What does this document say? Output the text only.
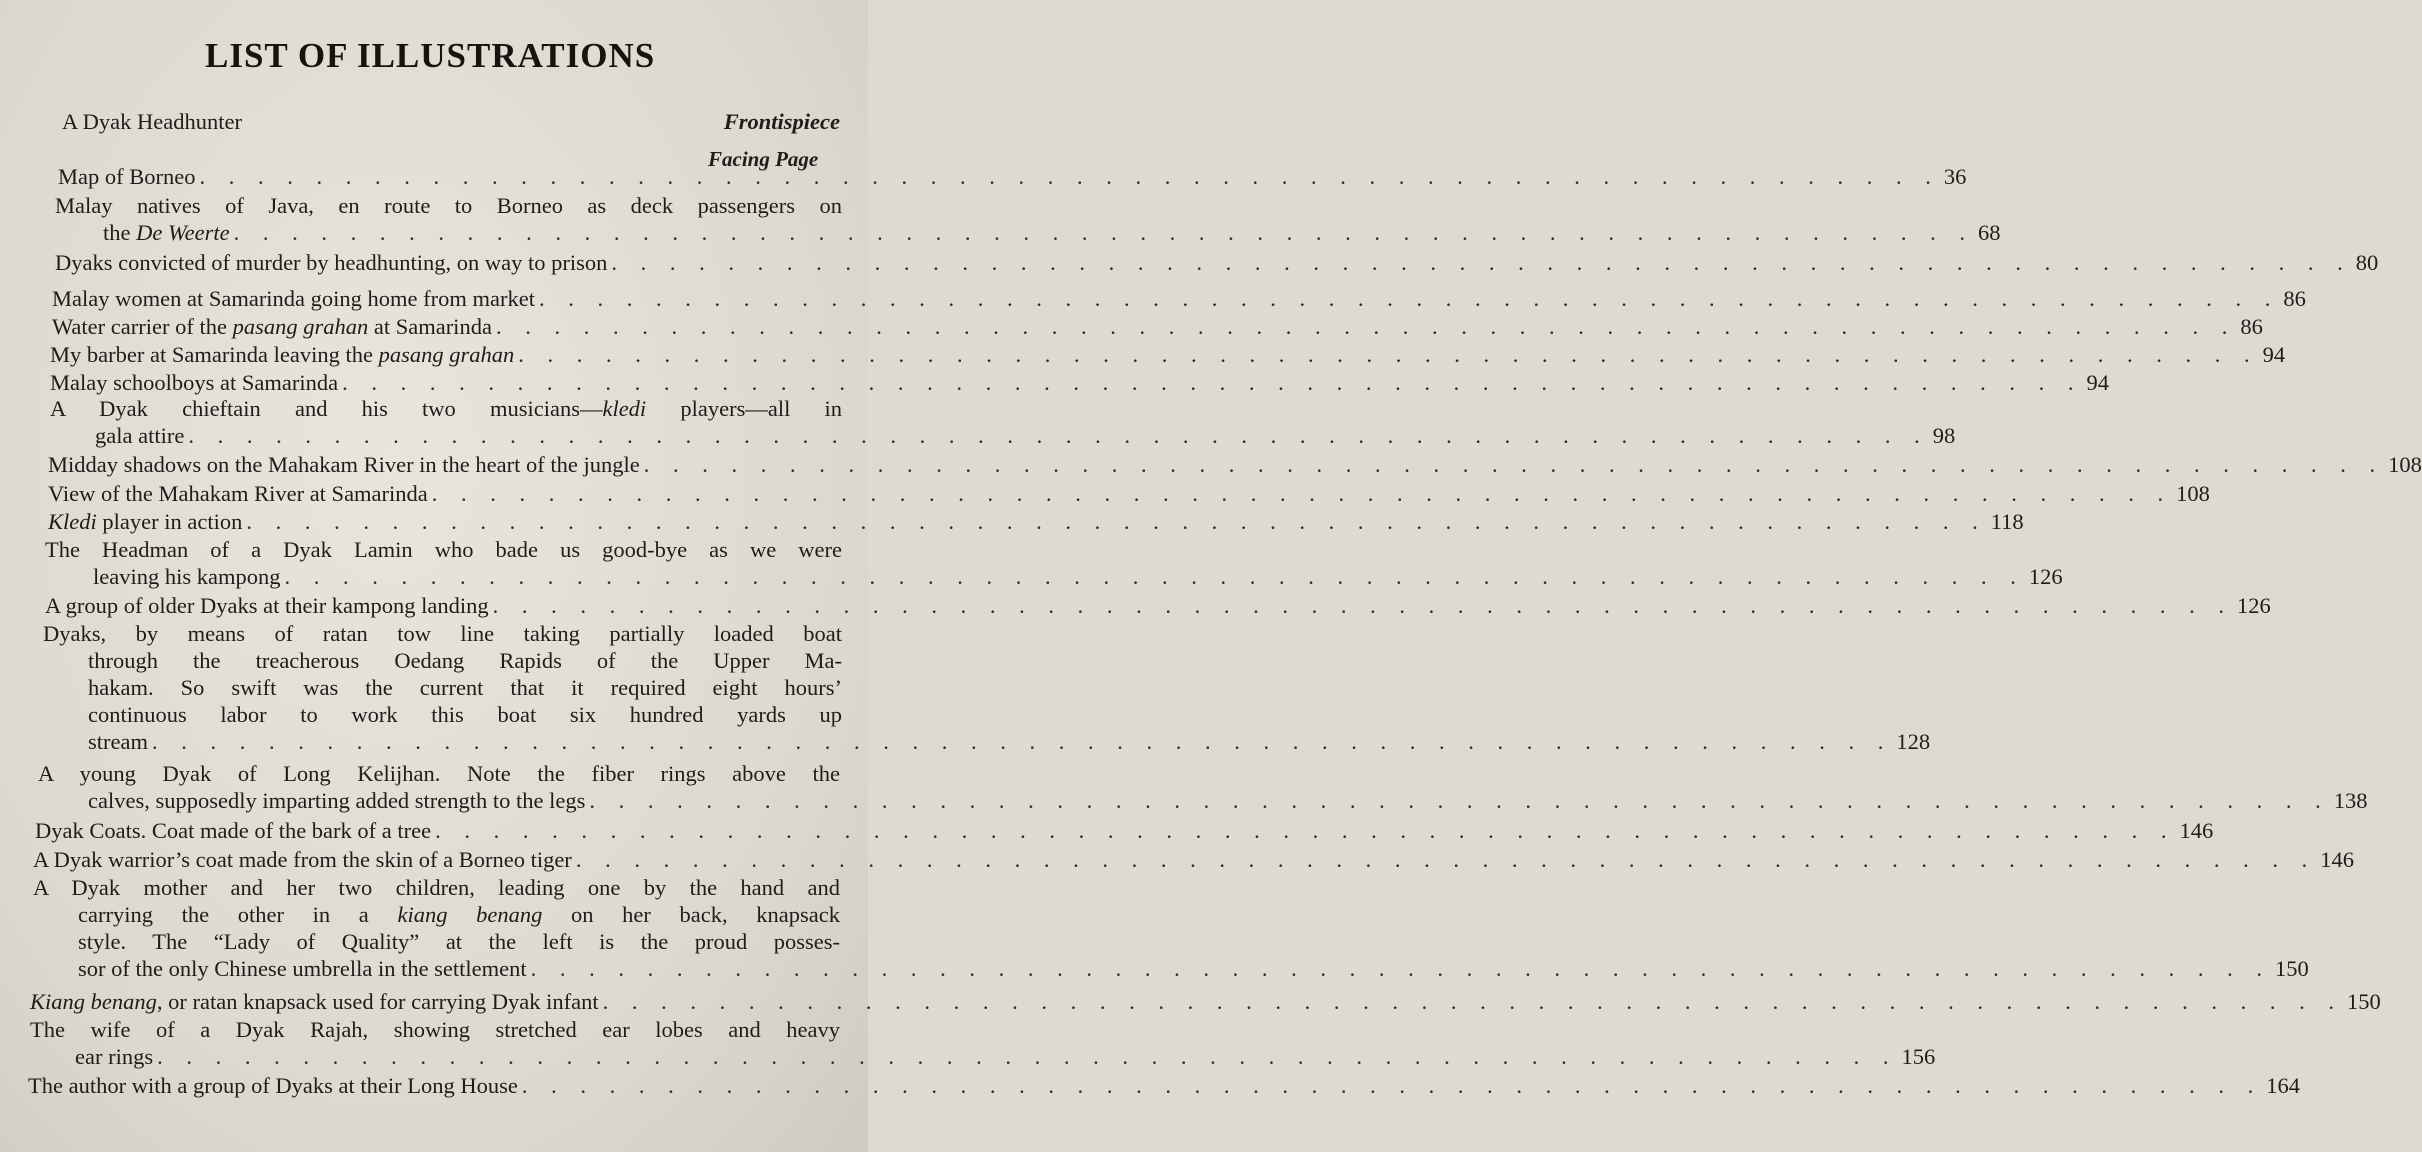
LIST OF ILLUSTRATIONS
A Dyak Headhunter	Frontispiece
Facing Page
Map of Borneo . . . . . . . . . . . . . . . . . . . . . . . . . . . . . . . . . . . . . . . . . . . . . . . . . . . . . . . . . . . . 36
Malay natives of Java, en route to Borneo as deck passengers on
the De Weerte . . . . . . . . . . . . . . . . . . . . . . . . . . . . . . . . . . . . . . . . . . . . . . . . . . . . . . . . . . . . 68
Dyaks convicted of murder by headhunting, on way to prison . . . . . . . . . . . . . . . . . . . . . . . . . . . . . . . . . . . . . . . . . . . . . . . . . . . . . . . . . . . . 80
Malay women at Samarinda going home from market . . . . . . . . . . . . . . . . . . . . . . . . . . . . . . . . . . . . . . . . . . . . . . . . . . . . . . . . . . . . 86
Water carrier of the pasang grahan at Samarinda . . . . . . . . . . . . . . . . . . . . . . . . . . . . . . . . . . . . . . . . . . . . . . . . . . . . . . . . . . . . 86
My barber at Samarinda leaving the pasang grahan . . . . . . . . . . . . . . . . . . . . . . . . . . . . . . . . . . . . . . . . . . . . . . . . . . . . . . . . . . . . 94
Malay schoolboys at Samarinda . . . . . . . . . . . . . . . . . . . . . . . . . . . . . . . . . . . . . . . . . . . . . . . . . . . . . . . . . . . . 94
A Dyak chieftain and his two musicians—kledi players—all in
gala attire . . . . . . . . . . . . . . . . . . . . . . . . . . . . . . . . . . . . . . . . . . . . . . . . . . . . . . . . . . . . 98
Midday shadows on the Mahakam River in the heart of the jungle . . . . . . . . . . . . . . . . . . . . . . . . . . . . . . . . . . . . . . . . . . . . . . . . . . . . . . . . . . . . 108
View of the Mahakam River at Samarinda . . . . . . . . . . . . . . . . . . . . . . . . . . . . . . . . . . . . . . . . . . . . . . . . . . . . . . . . . . . . 108
Kledi player in action . . . . . . . . . . . . . . . . . . . . . . . . . . . . . . . . . . . . . . . . . . . . . . . . . . . . . . . . . . . . 118
The Headman of a Dyak Lamin who bade us good-bye as we were
leaving his kampong . . . . . . . . . . . . . . . . . . . . . . . . . . . . . . . . . . . . . . . . . . . . . . . . . . . . . . . . . . . . 126
A group of older Dyaks at their kampong landing . . . . . . . . . . . . . . . . . . . . . . . . . . . . . . . . . . . . . . . . . . . . . . . . . . . . . . . . . . . . 126
Dyaks, by means of ratan tow line taking partially loaded boat
through the treacherous Oedang Rapids of the Upper Ma-
hakam. So swift was the current that it required eight hours’
continuous labor to work this boat six hundred yards up
stream . . . . . . . . . . . . . . . . . . . . . . . . . . . . . . . . . . . . . . . . . . . . . . . . . . . . . . . . . . . . 128
A young Dyak of Long Kelijhan. Note the fiber rings above the
calves, supposedly imparting added strength to the legs . . . . . . . . . . . . . . . . . . . . . . . . . . . . . . . . . . . . . . . . . . . . . . . . . . . . . . . . . . . . 138
Dyak Coats. Coat made of the bark of a tree . . . . . . . . . . . . . . . . . . . . . . . . . . . . . . . . . . . . . . . . . . . . . . . . . . . . . . . . . . . . 146
A Dyak warrior’s coat made from the skin of a Borneo tiger . . . . . . . . . . . . . . . . . . . . . . . . . . . . . . . . . . . . . . . . . . . . . . . . . . . . . . . . . . . . 146
A Dyak mother and her two children, leading one by the hand and
carrying the other in a kiang benang on her back, knapsack
style. The “Lady of Quality” at the left is the proud posses-
sor of the only Chinese umbrella in the settlement . . . . . . . . . . . . . . . . . . . . . . . . . . . . . . . . . . . . . . . . . . . . . . . . . . . . . . . . . . . . 150
Kiang benang, or ratan knapsack used for carrying Dyak infant . . . . . . . . . . . . . . . . . . . . . . . . . . . . . . . . . . . . . . . . . . . . . . . . . . . . . . . . . . . . 150
The wife of a Dyak Rajah, showing stretched ear lobes and heavy
ear rings . . . . . . . . . . . . . . . . . . . . . . . . . . . . . . . . . . . . . . . . . . . . . . . . . . . . . . . . . . . . 156
The author with a group of Dyaks at their Long House . . . . . . . . . . . . . . . . . . . . . . . . . . . . . . . . . . . . . . . . . . . . . . . . . . . . . . . . . . . . 164
